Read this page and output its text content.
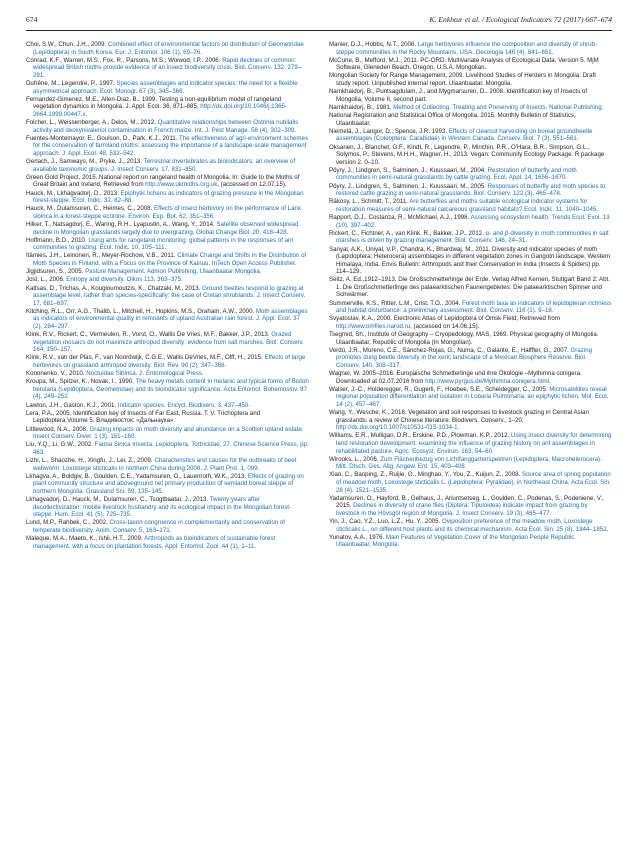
674	K. Enkhtur et al. / Ecological Indicators 72 (2017) 667–674
Choi, S.W., Chun, J.H., 2009. Combined effect of environmental factors on distribution of Geometridae (Lepidoptera) in South Korea. Eur. J. Entomol. 106 (1), 69–76.
Conrad, K.F., Warren, M.S., Fox, R., Parsons, M.S., Woiwod, I.P., 2006. Rapid declines of common: widespread British moths provide evidence of an insect biodiversity crisis. Biol. Conserv. 132, 279–291.
Dufrêne, M., Legendre, P., 1997. Species assemblages and indicator species: the need for a flexible asymmetrical approach. Ecol. Monogr. 67 (3), 345–366.
Fernandez-Gimenez, M.E., Allen-Diaz, B., 1999. Testing a non-equilibrium model of rangeland vegetation dynamics in Mongolia. J. Appl. Ecol. 36, 871–885, http://dx.doi.org/10.1046/j.1365-2664.1999.00447.x.
Folcher, L., Weissenberger, A., Delos, M., 2012. Quantitative relationships between Ostrinia nubilalis activity and deoxynivalenol contamination in French maize. Int. J. Pest Manage. 58 (4), 302–309.
Fuentes-Montemayor, E., Goulson, D., Park, K.J., 2011. The effectiveness of agri-environment schemes for the conservation of farmland moths: assessing the importance of a landscape-scale management approach. J. Appl. Ecol. 48, 532–542.
Gerlach, J., Samways, M., Pryke, J., 2013. Terrestrial invertebrates as bioindicators: an overview of available taxonomic groups. J. Insect Conserv. 17, 831–850.
Green Gold Project, 2015. National report on rangeland health of Mongolia. In: Guide to the Moths of Great Britain and Ireland, Retrieved from http://www.ukmoths.org.uk, (accessed on 12.07.15).
Hauck, M., Lkhagvadorj, D., 2013. Epiphytic lichens as indicators of grazing pressure in the Mongolian forest-steppe. Ecol. Indic. 32, 82–88.
Hauck, M., Dulamsuren, C., Heimes, C., 2008. Effects of insect herbivory on the performance of Larix sibirica in a forest-steppe ecotone. Environ. Exp. Bot. 62, 351–356.
Hilker, T., Natsagdorj, E., Waring, R.H., Lyapustin, A., Wang, Y., 2014. Satellite observed widespread decline in Mongolian grasslands largely due to overgrazing. Global Change Biol. 20, 418–428.
Hoffmann, B.D., 2010. Using ants for rangeland monitoring: global patterns in the responses of ant communities to grazing. Ecol. Indic. 10, 105–111.
Itämies, J.H., Leinonen, R., Meyer-Rochow, V.B., 2011. Climate Change and Shifts in the Distribution of Moth Species in Finland, with a Focus on the Province of Kainuu. InTech Open Access Publisher.
Jigjidsuren, S., 2005. Pasture Management. Admon Publishing, Ulaanbaatar Mongolia.
Jost, L., 2006. Entropy and diversity. Oikos 113, 363–375.
Kaltsas, D., Trichas, A., Kougioumoutzis, K., Chatzaki, M., 2013. Ground beetles respond to grazing at assemblage level, rather than species-specifically: the case of Cretan shrublands. J. Insect Conserv. 17, 681–697.
Kitching, R.L., Orr, A.G., Thalib, L., Mitchell, H., Hopkins, M.S., Graham, A.W., 2000. Moth assemblages as indicators of environmental quality in remnants of upland Australian rain forest. J. Appl. Ecol. 37 (2), 284–297.
Klink, R.V., Rickert, C., Vermeulen, R., Vorst, O., Wallis De Vries, M.F., Bakker, J.P., 2013. Grazed vegetation mosaics do not maximize arthropod diversity: evidence from salt marshes. Biol. Conserv. 164, 150–157.
Klink, R.V., van der Plas, F., van Noordwijk, C.G.E., Wallis DeVries, M.F., Olff, H., 2015. Effects of large herbivores on grassland arthropod diversity. Biol. Rev. 90 (2), 347–366.
Kononenko, V., 2010. Noctuidae Sibirica. 2. Entomological Press.
Kroupa, M., Spitzer, K., Novak, I., 1990. The heavy metals content in melanic and typical forms of Biston betularia (Lepidoptera, Geometridae) and its bioindicator significance. Acta Entomol. Bohemoslov. 87 (4), 249–252.
Lawton, J.H., Gaston, K.J., 2001. Indicator species. Encycl. Biodivers. 3, 437–450.
Lera, P.A., 2005. Identification key of Insects of Far East, Russia. T. V. Trichoptera and Lepidoptera.Volume 5. Владивосток: «Дальнаука».
Littlewood, N.A., 2008. Grazing impacts on moth diversity and abundance on a Scottish upland estate. Insect Conserv. Diver. 1 (3), 151–160.
Liu, Y.Q., Li, G.W., 2002. Fauna Sinica Insecta. Lepidoptera, Tortricidae, 27. Chinese Science Press, pp. 463.
Lizhi, L., Shaozhe, H., Xingfu, J., Lei, Z., 2009. Characteristics and causes for the outbreaks of beet webworm. Loxostege sticticalis in northern China during 2008. J. Plant Prot. 1, 009.
Lkhagva, A., Boldgiv, B., Goulden, C.E., Yadamsuren, O., Lauenroth, W.K., 2013. Effects of grazing on plant community structure and aboveground net primary production of semiarid boreal steppe of northern Mongolia. Grassland Sci. 59, 135–145.
Lkhagvadorj, D., Hauck, M., Dulamsuren, C., Tsogtbaatar, J., 2013. Twenty years after decollectivization: mobile livestock husbandry and its ecological impact in the Mongolian forest-steppe. Hum. Ecol. 41 (5), 725–735.
Lund, M.P., Rahbek, C., 2002. Cross-taxon congruence in complementarity and conservation of temperate biodiversity. Anim. Conserv. 5, 163–171.
Maleque, M.A., Maeto, K., Ishii, H.T., 2009. Arthropods as bioindicators of sustainable forest management, with a focus on plantation forests. Appl. Entomol. Zool. 44 (1), 1–11.
Manier, D.J., Hobbs, N.T., 2006. Large herbivores influence the composition and diversity of shrub-steppe communities in the Rocky Mountains, USA. Oecologia 146 (4), 641–651.
McCune, B., Mefford, M.J., 2011. PC-ORD. Multivariate Analysis of Ecological Data. Version 5. MjM Software, Gleneden Beach, Oregon, U.S.A. Mongolian.
Mongolian Society for Range Management, 2009. Livelihood Studies of Herders in Mongolia: Draft study report. Unpublished internal report. Ulaanbaatar. Mongolia.
Namkhaidorj, B., Puntsagdulam, J., and Mygmarsuren, D., 2008. Identification key of Insects of Mongolia, Volume II, second part.
Namkhaidorj, B., 1981. Method of Collecting, Treating and Preserving of Insects. National Publishing.
National Registration and Statistical Office of Mongolia, 2015. Monthly Bulletin of Statistics, Ulaanbaatar.
Niemelä, J., Langor, D., Spence, J.R. 1993. Effects of clearcut harvesting on boreal groundbeetle assemblages (Coleoptera: Carabidae) in Western Canada. Conserv. Biol. 7 (3), 551–561.
Oksanen, J., Blanchet, G.F., Kindt, R., Legendre, P., Minchin, P.R., O'Hara, B.R., Simpson, G.L., Solymos, P., Stevens, M.H.H., Wagner, H., 2013. Vegan: Community Ecology Package. R package version 2. 0–10.
Pöyry, J., Lindgren, S., Salminen, J., Kuussaari, M., 2004. Restoration of butterfly and moth communities in semi-natural grasslands by cattle grazing. Ecol. Appl. 14, 1656–1670.
Pöyry, J., Lindgren, S., Salminen, J., Kuussaari, M., 2005. Responses of butterfly and moth species to restored cattle grazing in semi-natural grasslands. Biol. Conserv. 122 (3), 465–478.
Rákosy, L., Schmitt, T., 2011. Are butterflies and moths suitable ecological indicator systems for restoration measures of semi-natural calcareous grassland habitats? Ecol. Indic. 11, 1040–1045.
Rapport, D.J., Costanza, R., McMichael, A.J., 1998. Assessing ecosystem health. Trends Ecol. Evol. 13 (10), 397–402.
Rickert, C., Fichtner, A., van Klink, R., Bakker, J.P., 2012. α- and β-diversity in moth communities in salt marshes is driven by grazing management. Biol. Conserv. 146, 24–31.
Sanyal, A.K., Uniyal, V.P., Chandra, K., Bhardwaj, M., 2011. Diversity and indicator species of moth (Lepidoptera: Heterocera) assemblages in different vegetation zones in Gangotri landscape, Western Himalaya, India. Envis Bulletin: Arthropods and their Conservation in India (Insects & Spiders) pp. 114–129.
Seitz, A. Ed.,1912–1913. Die Großschmetterlinge der Erde. Verlag Alfred Kernen, Stuttgart Band 2: Abt. 1. Die Großschmetterlinge des palaearktischen Faunengebietes: Die palaearktischen Spinner und Schwärmer.
Summerville, K.S., Ritter, L.M., Crist, T.O., 2004. Forest moth taxa as indicators of lepidopteran richness and habitat disturbance: a preliminary assessment. Biol. Conserv. 116 (1), 9–18.
Svyatoslav, K.A., 2000. Electronic Atlas of Lepidoptera of Omsk Field, Retrieved from http://www.omflies.narod.ru, (accessed on 14.06.15).
Tsegmid, Sh., Institute of Geography – Cryopedology, MAS, 1969. Physical geography of Mongolia. Ulaanbaatar, Republic of Mongolia (In Mongolian).
Verdú, J.R., Moreno, C.E., Sánchez-Rojas, G., Numa, C., Galante, E., Halffter, G., 2007. Grazing promotes dung beetle diversity in the xeric landscape of a Mexican Biosphere Reserve. Biol. Conserv. 140, 308–317.
Wagner, W. 2005–2016. Europäische Schmetterlinge und ihre Ökologie –Mythimna conigera. Downloaded at 02.07.2016 from http://www.pyrgus.de/Mythimna.conigera.html.
Walser, J.-C., Holderegger, R., Gugerli, F., Hoebee, S.E., Scheidegger, C., 2005. Microsatellites reveal regional population differentiation and isolation in Lobaria Pulmonaria, an epiphytic lichen. Mol. Ecol. 14 (2), 457–467.
Wang, Y., Wesche, K., 2016. Vegetation and soil responses to livestock grazing in Central Asian grasslands: a review of Chinese literature. Biodivers. Conserv., 1–20, http://dx.doi.org/10.1007/s10531-015-1034-1.
Williams, E.R., Mulligan, D.R., Erskine, P.D., Plowman, K.P., 2012. Using insect diversity for determining land restoration development: examining the influence of grazing history on ant assemblages in rehabilitated pasture. Agric. Ecosyst. Environ. 163, 54–60.
Wirooks, L., 2006. Zum Flächenbezug von Lichtfanggartenspektren (Lepidoptera, Macroheterocera). Mitt. Dtsch. Ges. Allg. Angew. Ent. 15, 403–408.
Xiao, C., Baoping, Z., Ruijie, G., Minghao, Y., You, Z., Kuijun, Z., 2008. Source area of spring population of meadow moth, Loxostege sticticalis L. (Lepidoptera: Pyralidae), in Northeast China. Acta Ecol. Sin. 28 (4), 1521–1535.
Yadamsuren, O., Hayford, B., Gelhaus, J., Ariuntsetseg, L., Goulden, C., Podenas, S., Podeniene, V., 2015. Declines in diversity of crane flies (Diptera: Tipuloidea) indicate impact from grazing by livestock in the Hövsgöl region of Mongolia. J. Insect Conserv. 19 (3), 465–477.
Yin, J., Cao, Y.Z., Luo, L.Z., Hu, Y., 2005. Oviposition preference of the meadow moth, Loxostege sticticalis L., on different host plants and its chemical mechanism. Acta Ecol. Sin. 25 (8), 1844–1852.
Yunatov, A.A., 1976. Main Features of Vegetation Cover of the Mongolian People Republic. Ulaanbaatar, Mongolia.
